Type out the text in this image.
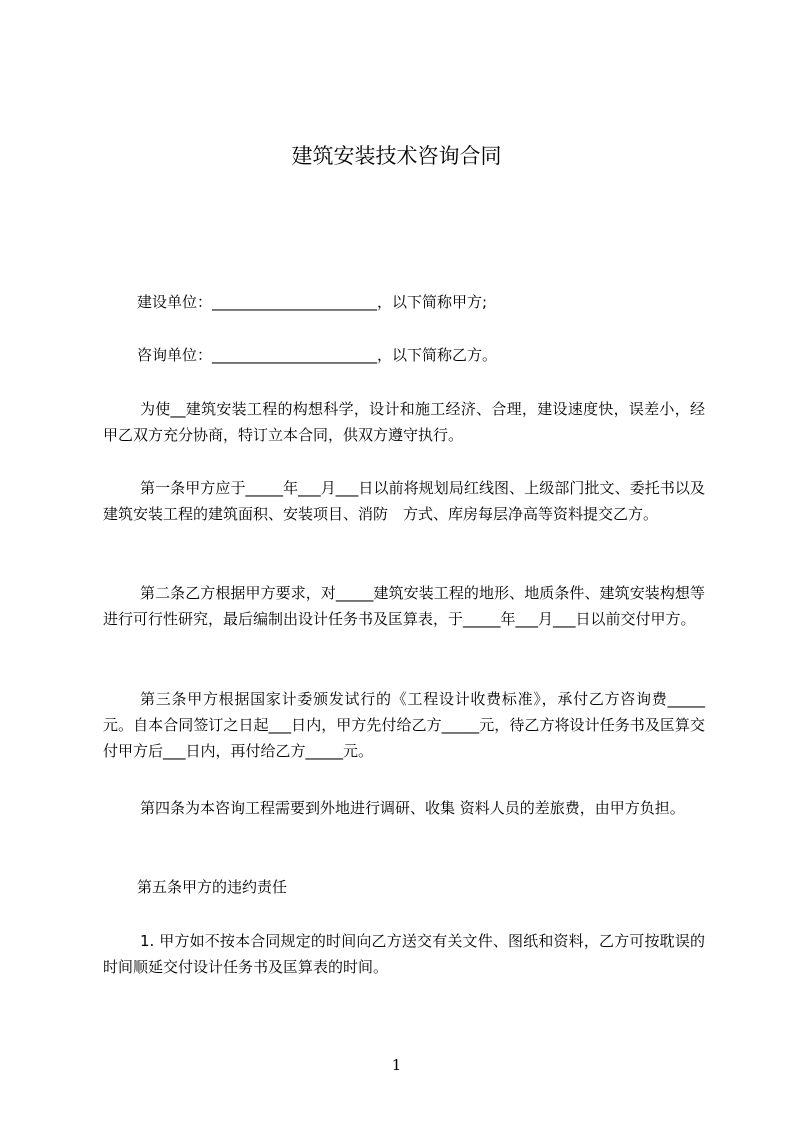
建筑安装技术咨询合同

建设单位：______________________，以下简称甲方;

咨询单位：______________________，以下简称乙方。

为使__建筑安装工程的构想科学，设计和施工经济、合理，建设速度快，误差小，经甲乙双方充分协商，特订立本合同，供双方遵守执行。

第一条甲方应于_____年___月___日以前将规划局红线图、上级部门批文、委托书以及建筑安装工程的建筑面积、安装项目、消防　方式、库房每层净高等资料提交乙方。

第二条乙方根据甲方要求，对_____建筑安装工程的地形、地质条件、建筑安装构想等进行可行性研究，最后编制出设计任务书及匡算表，于_____年___月___日以前交付甲方。

第三条甲方根据国家计委颁发试行的《工程设计收费标准》，承付乙方咨询费_____元。自本合同签订之日起___日内，甲方先付给乙方_____元，待乙方将设计任务书及匡算交付甲方后___日内，再付给乙方_____元。

第四条为本咨询工程需要到外地进行调研、收集 资料人员的差旅费，由甲方负担。

第五条甲方的违约责任

1. 甲方如不按本合同规定的时间向乙方送交有关文件、图纸和资料，乙方可按耽误的时间顺延交付设计任务书及匡算表的时间。

1
